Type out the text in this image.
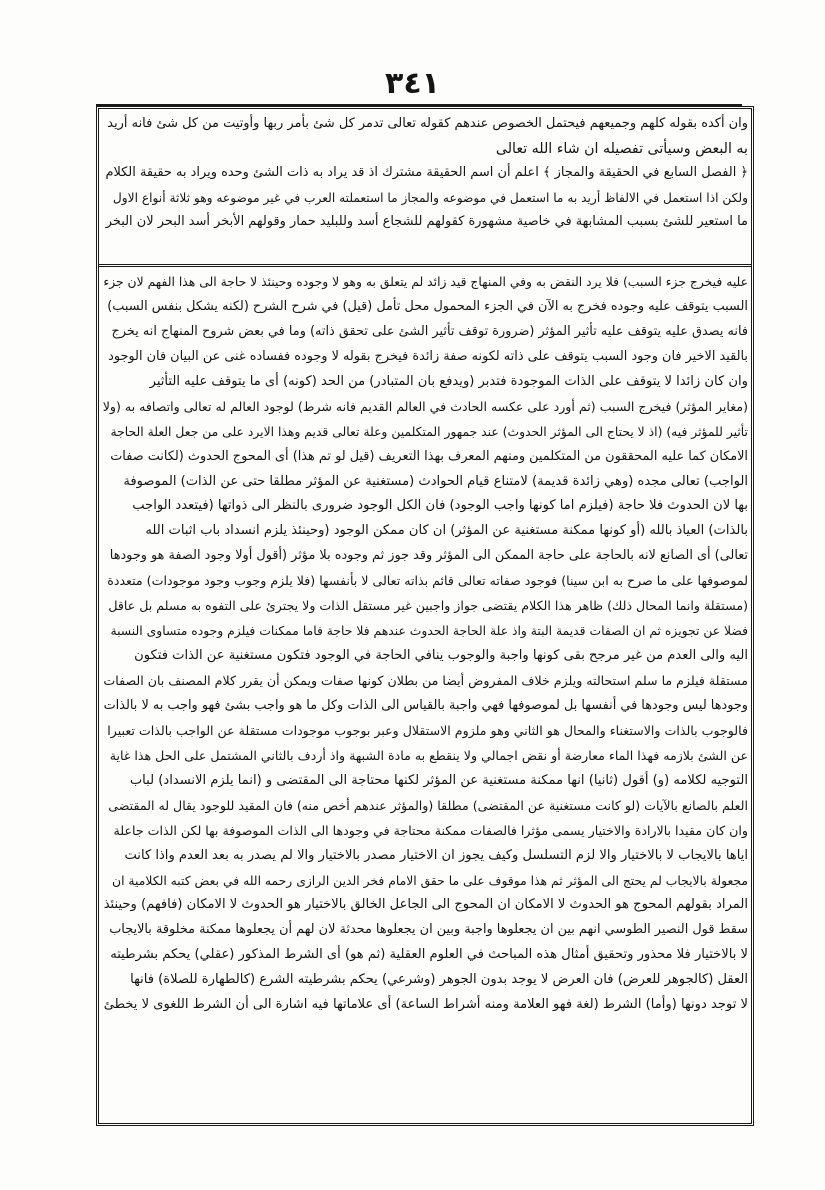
٣٤١
وان أكده بقوله كلهم وجميعهم فيحتمل الخصوص عندهم كقوله تعالى تدمر كل شئ بأمر ربها وأوتيت من كل شئ فانه أريد
به البعض وسيأتى تفصيله ان شاء الله تعالى
﴿ الفصل السابع في الحقيقة والمجاز ﴾ اعلم أن اسم الحقيقة مشترك اذ قد يراد به ذات الشئ وحده ويراد به حقيقة الكلام
ولكن اذا استعمل في الالفاظ أريد به ما استعمل في موضوعه والمجاز ما استعملته العرب في غير موضوعه وهو ثلاثة أنواع الاول
ما استعير للشئ بسبب المشابهة في خاصية مشهورة كقولهم للشجاع أسد وللبليد حمار وقولهم الأبخر أسد البحر لان البخر
عليه فيخرج جزء السبب) فلا يرد النقض به وفي المنهاج قيد زائد لم يتعلق به وهو لا وجوده وحينئذ لا حاجة الى هذا الفهم لان جزء
السبب يتوقف عليه وجوده فخرج به الآن في الجزء المحمول محل تأمل (قيل) في شرح الشرح (لكنه يشكل بنفس السبب)
فانه يصدق عليه يتوقف عليه تأثير المؤثر (ضرورة توقف تأثير الشئ على تحقق ذاته) وما في بعض شروح المنهاج انه يخرج
بالقيد الاخير فان وجود السبب يتوقف على ذاته لكونه صفة زائدة فيخرج بقوله لا وجوده ففساده غنى عن البيان فان الوجود
وان كان زائدا لا يتوقف على الذات الموجودة فتدبر (ويدفع بان المتبادر) من الحد (كونه) أى ما يتوقف عليه التأثير
(مغاير المؤثر) فيخرج السبب (ثم أورد على عكسه الحادث في العالم القديم فانه شرط) لوجود العالم له تعالى واتصافه به (ولا
تأثير للمؤثر فيه) (اذ لا يحتاج الى المؤثر الحدوث) عند جمهور المتكلمين وعلة تعالى قديم وهذا الايرد على من جعل العلة الحاجة
الامكان كما عليه المحققون من المتكلمين ومنهم المعرف بهذا التعريف (قيل لو تم هذا) أى المحوج الحدوث (لكانت صفات
الواجب) تعالى مجده (وهي زائدة قديمة) لامتناع قيام الحوادث (مستغنية عن المؤثر مطلقا حتى عن الذات) الموصوفة
بها لان الحدوث فلا حاجة (فيلزم اما كونها واجب الوجود) فان الكل الوجود ضرورى بالنظر الى ذواتها (فيتعدد الواجب
بالذات) العياذ بالله (أو كونها ممكنة مستغنية عن المؤثر) ان كان ممكن الوجود (وحينئذ يلزم انسداد باب اثبات الله
تعالى) أى الصانع لانه بالحاجة على حاجة الممكن الى المؤثر وقد جوز ثم وجوده بلا مؤثر (أقول أولا وجود الصفة هو وجودها
لموصوفها على ما صرح به ابن سينا) فوجود صفاته تعالى قائم بذاته تعالى لا بأنفسها (فلا يلزم وجوب وجود موجودات) متعددة
(مستقلة وانما المحال ذلك) ظاهر هذا الكلام يقتضى جواز واجبين غير مستقل الذات ولا يجترئ على التفوه به مسلم بل عاقل
فضلا عن تجويزه ثم ان الصفات قديمة البتة واذ علة الحاجة الحدوث عندهم فلا حاجة فاما ممكنات فيلزم وجوده متساوى النسبة
اليه والى العدم من غير مرجح بقى كونها واجبة والوجوب ينافي الحاجة في الوجود فتكون مستغنية عن الذات فتكون
مستقلة فيلزم ما سلم استحالته ويلزم خلاف المفروض أيضا من بطلان كونها صفات ويمكن أن يقرر كلام المصنف بان الصفات
وجودها ليس وجودها في أنفسها بل لموصوفها فهي واجبة بالقياس الى الذات وكل ما هو واجب بشئ فهو واجب به لا بالذات
فالوجوب بالذات والاستغناء والمحال هو الثاني وهو ملزوم الاستقلال وعبر بوجوب موجودات مستقلة عن الواجب بالذات تعبيرا
عن الشئ بلازمه فهذا الماء معارضة أو نقض اجمالي ولا ينقطع به مادة الشبهة واذ أردف بالثاني المشتمل على الحل هذا غاية
التوجيه لكلامه (و) أقول (ثانيا) انها ممكنة مستغنية عن المؤثر لكنها محتاجة الى المقتضى و (انما يلزم الانسداد) لباب
العلم بالصانع بالآيات (لو كانت مستغنية عن المقتضى) مطلقا (والمؤثر عندهم أخص منه) فان المقيد للوجود يقال له المقتضى
وان كان مقيدا بالارادة والاختيار يسمى مؤثرا فالصفات ممكنة محتاجة في وجودها الى الذات الموصوفة بها لكن الذات جاعلة
اياها بالايجاب لا بالاختيار والا لزم التسلسل وكيف يجوز ان الاختيار مصدر بالاختيار والا لم يصدر به بعد العدم واذا كانت
مجعولة بالايجاب لم يحتج الى المؤثر ثم هذا موقوف على ما حقق الامام فخر الدين الرازى رحمه الله في بعض كتبه الكلامية ان
المراد بقولهم المحوج هو الحدوث لا الامكان ان المحوج الى الجاعل الخالق بالاختيار هو الحدوث لا الامكان (فافهم) وحينئذ
سقط قول النصير الطوسي انهم بين ان يجعلوها واجبة وبين ان يجعلوها محدثة لان لهم أن يجعلوها ممكنة مخلوقة بالايجاب
لا بالاختيار فلا محذور وتحقيق أمثال هذه المباحث في العلوم العقلية (ثم هو) أى الشرط المذكور (عقلي) يحكم بشرطيته
العقل (كالجوهر للعرض) فان العرض لا يوجد بدون الجوهر (وشرعي) يحكم بشرطيته الشرع (كالطهارة للصلاة) فانها
لا توجد دونها (وأما) الشرط (لغة فهو العلامة ومنه أشراط الساعة) أى علاماتها فيه اشارة الى أن الشرط اللغوى لا يخطئ
